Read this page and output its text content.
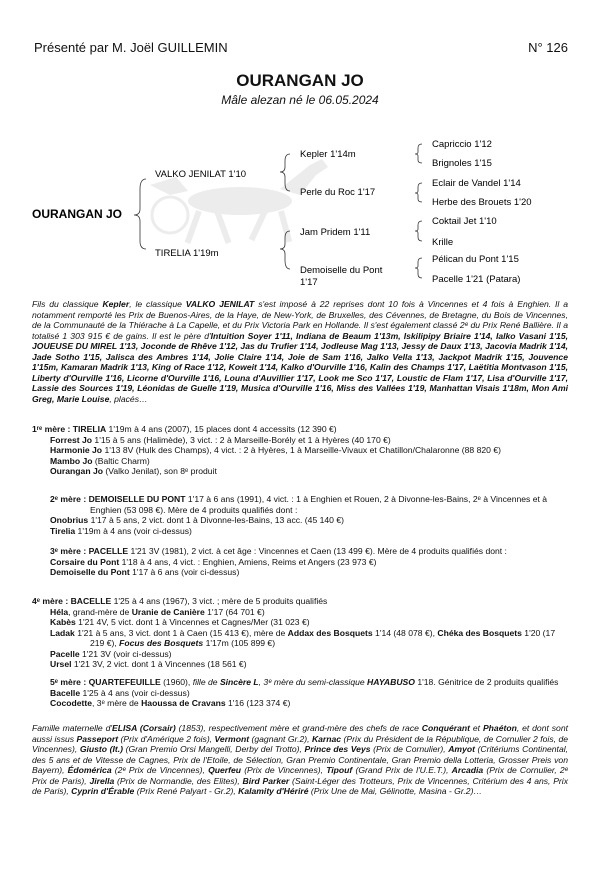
Présenté par M. Joël GUILLEMIN	N° 126
OURANGAN JO
Mâle alezan né le 06.05.2024
OURANGAN JO
VALKO JENILAT 1'10
TIRELIA 1'19m
Kepler 1'14m
Perle du Roc 1'17
Jam Pridem 1'11
Demoiselle du Pont
1'17
Capriccio 1'12
Brignoles 1'15
Eclair de Vandel 1'14
Herbe des Brouets 1'20
Coktail Jet 1'10
Krille
Pélican du Pont 1'15
Pacelle 1'21 (Patara)
Fils du classique Kepler, le classique VALKO JENILAT s'est imposé à 22 reprises dont 10 fois à Vincennes et 4 fois à Enghien. Il a notamment remporté les Prix de Buenos-Aires, de la Haye, de New-York, de Bruxelles, des Cévennes, de Bretagne, du Bois de Vincennes, de la Communauté de la Thiérache à La Capelle, et du Prix Victoria Park en Hollande. Il s'est également classé 2ᵉ du Prix René Ballière. Il a totalisé 1 303 915 € de gains. Il est le père d'Intuition Soyer 1'11, Indiana de Beaum 1'13m, Iskilipipy Briaire 1'14, Ialko Vasani 1'15, JOUEUSE DU MIREL 1'13, Joconde de Rhêve 1'12, Jas du Trufier 1'14, Jodleuse Mag 1'13, Jessy de Daux 1'13, Jacovia Madrik 1'14, Jade Sotho 1'15, Jalisca des Ambres 1'14, Jolie Claire 1'14, Joie de Sam 1'16, Jalko Vella 1'13, Jackpot Madrik 1'15, Jouvence 1'15m, Kamaran Madrik 1'13, King of Race 1'12, Koweit 1'14, Kalko d'Ourville 1'16, Kalin des Champs 1'17, Laëtitia Montvason 1'15, Liberty d'Ourville 1'16, Licorne d'Ourville 1'16, Louna d'Auvillier 1'17, Look me Sco 1'17, Loustic de Flam 1'17, Lisa d'Ourville 1'17, Lassie des Sources 1'19, Léonidas de Guelle 1'19, Musica d'Ourville 1'16, Miss des Vallées 1'19, Manhattan Visais 1'18m, Mon Ami Greg, Marie Louise, placés…
1ʳᵉ mère : TIRELIA 1'19m à 4 ans (2007), 15 places dont 4 accessits (12 390 €)
Forrest Jo 1'15 à 5 ans (Halimède), 3 vict. : 2 à Marseille-Borély et 1 à Hyères (40 170 €)
Harmonie Jo 1'13 8V (Hulk des Champs), 4 vict. : 2 à Hyères, 1 à Marseille-Vivaux et Chatillon/Chalaronne (88 820 €)
Mambo Jo (Baltic Charm)
Ourangan Jo (Valko Jenilat), son 8ᵉ produit
2ᵉ mère : DEMOISELLE DU PONT 1'17 à 6 ans (1991), 4 vict. : 1 à Enghien et Rouen, 2 à Divonne-les-Bains, 2ᵉ à Vincennes et à Enghien (53 098 €). Mère de 4 produits qualifiés dont :
Onobrius 1'17 à 5 ans, 2 vict. dont 1 à Divonne-les-Bains, 13 acc. (45 140 €)
Tirelia 1'19m à 4 ans (voir ci-dessus)
3ᵉ mère : PACELLE 1'21 3V (1981), 2 vict. à cet âge : Vincennes et Caen (13 499 €). Mère de 4 produits qualifiés dont :
Corsaire du Pont 1'18 à 4 ans, 4 vict. : Enghien, Amiens, Reims et Angers (23 973 €)
Demoiselle du Pont 1'17 à 6 ans (voir ci-dessus)
4ᵉ mère : BACELLE 1'25 à 4 ans (1967), 3 vict. ; mère de 5 produits qualifiés
Héla, grand-mère de Uranie de Canière 1'17 (64 701 €)
Kabès 1'21 4V, 5 vict. dont 1 à Vincennes et Cagnes/Mer (31 023 €)
Ladak 1'21 à 5 ans, 3 vict. dont 1 à Caen (15 413 €), mère de Addax des Bosquets 1'14 (48 078 €), Chéka des Bosquets 1'20 (17 219 €), Focus des Bosquets 1'17m (105 899 €)
Pacelle 1'21 3V (voir ci-dessus)
Ursel 1'21 3V, 2 vict. dont 1 à Vincennes (18 561 €)
5ᵉ mère : QUARTEFEUILLE (1960), fille de Sincère L, 3ᵉ mère du semi-classique HAYABUSO 1'18. Génitrice de 2 produits qualifiés
Bacelle 1'25 à 4 ans (voir ci-dessus)
Cocodette, 3ᵉ mère de Haoussa de Cravans 1'16 (123 374 €)
Famille maternelle d'ELISA (Corsair) (1853), respectivement mère et grand-mère des chefs de race Conquérant et Phaéton, et dont sont aussi issus Passeport (Prix d'Amérique 2 fois), Vermont (gagnant Gr.2), Karnac (Prix du Président de la République, de Cornulier 2 fois, de Vincennes), Giusto (It.) (Gran Premio Orsi Mangelli, Derby del Trotto), Prince des Veys (Prix de Cornulier), Amyot (Critériums Continental, des 5 ans et de Vitesse de Cagnes, Prix de l'Etoile, de Sélection, Gran Premio Continentale, Gran Premio della Lotteria, Grosser Preis von Bayern), Édomérica (2ᵉ Prix de Vincennes), Querfeu (Prix de Vincennes), Tipouf (Grand Prix de l'U.E.T.), Arcadia (Prix de Cornulier, 2ᵉ Prix de Paris), Jirella (Prix de Normandie, des Elites), Bird Parker (Saint-Léger des Trotteurs, Prix de Vincennes, Critérium des 4 ans, Prix de Paris), Cyprin d'Érable (Prix René Palyart - Gr.2), Kalamity d'Hériré (Prix Une de Mai, Gélinotte, Masina - Gr.2)…
